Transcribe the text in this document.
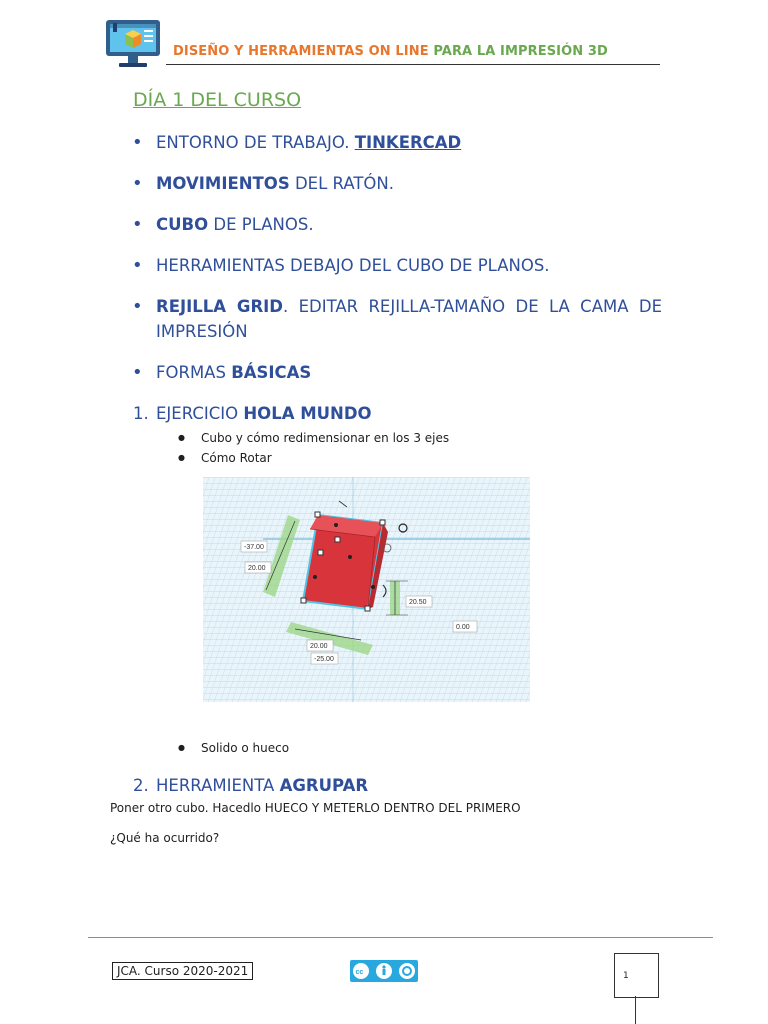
DISEÑO Y HERRAMIENTAS ON LINE PARA LA IMPRESIÓN 3D
DÍA 1 DEL CURSO
• ENTORNO DE TRABAJO. TINKERCAD
• MOVIMIENTOS DEL RATÓN.
• CUBO DE PLANOS.
• HERRAMIENTAS DEBAJO DEL CUBO DE PLANOS.
• REJILLA GRID. EDITAR REJILLA-TAMAÑO DE LA CAMA DE IMPRESIÓN
• FORMAS BÁSICAS
1. EJERCICIO HOLA MUNDO
● Cubo y cómo redimensionar en los 3 ejes
● Cómo Rotar
-37.00
20.00
20.50
0.00
20.00
-25.00
● Solido o hueco
2. HERRAMIENTA AGRUPAR
Poner otro cubo. Hacedlo HUECO Y METERLO DENTRO DEL PRIMERO
¿Qué ha ocurrido?
JCA. Curso 2020-2021	cc	1
